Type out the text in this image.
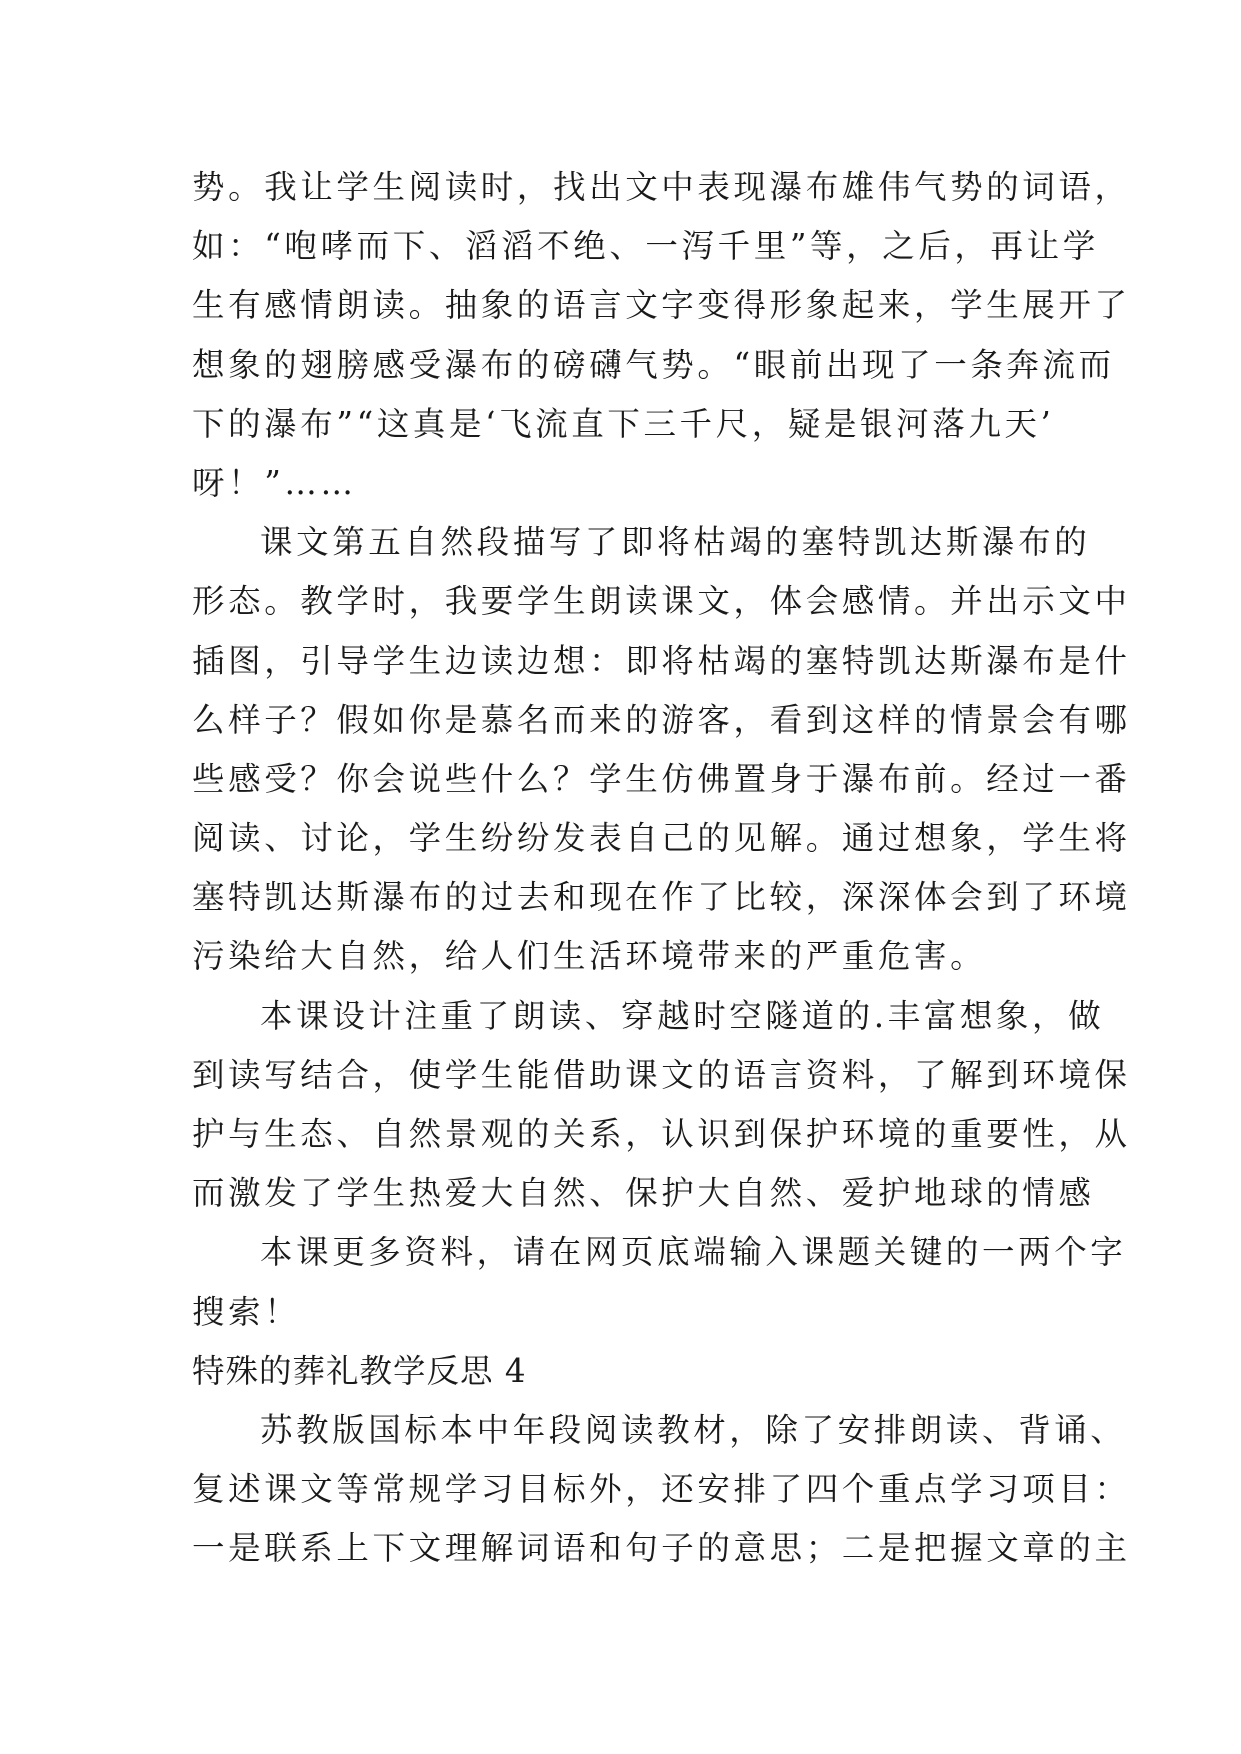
势。我让学生阅读时，找出文中表现瀑布雄伟气势的词语，
如：“咆哮而下、滔滔不绝、一泻千里”等，之后，再让学
生有感情朗读。抽象的语言文字变得形象起来，学生展开了
想象的翅膀感受瀑布的磅礴气势。“眼前出现了一条奔流而
下的瀑布”“这真是‘飞流直下三千尺，疑是银河落九天’
呀！”……
课文第五自然段描写了即将枯竭的塞特凯达斯瀑布的
形态。教学时，我要学生朗读课文，体会感情。并出示文中
插图，引导学生边读边想：即将枯竭的塞特凯达斯瀑布是什
么样子？假如你是慕名而来的游客，看到这样的情景会有哪
些感受？你会说些什么？学生仿佛置身于瀑布前。经过一番
阅读、讨论，学生纷纷发表自己的见解。通过想象，学生将
塞特凯达斯瀑布的过去和现在作了比较，深深体会到了环境
污染给大自然，给人们生活环境带来的严重危害。
本课设计注重了朗读、穿越时空隧道的.丰富想象，做
到读写结合，使学生能借助课文的语言资料，了解到环境保
护与生态、自然景观的关系，认识到保护环境的重要性，从
而激发了学生热爱大自然、保护大自然、爱护地球的情感
本课更多资料，请在网页底端输入课题关键的一两个字
搜索！
特殊的葬礼教学反思 4
苏教版国标本中年段阅读教材，除了安排朗读、背诵、
复述课文等常规学习目标外，还安排了四个重点学习项目：
一是联系上下文理解词语和句子的意思；二是把握文章的主
